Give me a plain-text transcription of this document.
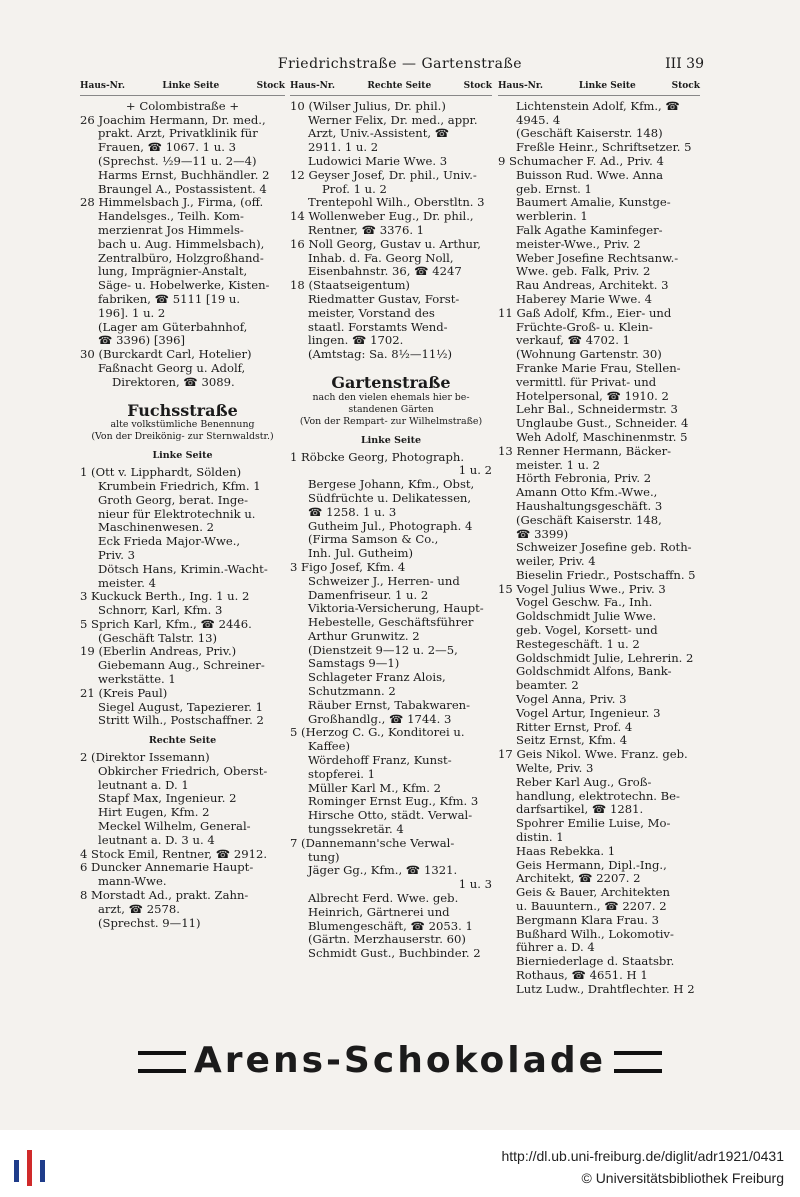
Friedrichstraße — Gartenstraße	III 39
Haus-Nr.	Linke Seite	Stock
+ Colombistraße +
26 Joachim Hermann, Dr. med.,
prakt. Arzt, Privatklinik für
Frauen, ☎ 1067. 1 u. 3
(Sprechst. ½9—11 u. 2—4)
Harms Ernst, Buchhändler. 2
Braungel A., Postassistent. 4
28 Himmelsbach J., Firma, (off.
Handelsges., Teilh. Kom-
merzienrat Jos Himmels-
bach u. Aug. Himmelsbach),
Zentralbüro, Holzgroßhand-
lung, Imprägnier-Anstalt,
Säge- u. Hobelwerke, Kisten-
fabriken, ☎ 5111 [19 u.
196]. 1 u. 2
(Lager am Güterbahnhof,
☎ 3396) [396]
30 (Burckardt Carl, Hotelier)
Faßnacht Georg u. Adolf,
Direktoren, ☎ 3089.
Fuchsstraße
alte volkstümliche Benennung
(Von der Dreikönig- zur Sternwaldstr.)
Linke Seite
1 (Ott v. Lipphardt, Sölden)
Krumbein Friedrich, Kfm. 1
Groth Georg, berat. Inge-
nieur für Elektrotechnik u.
Maschinenwesen. 2
Eck Frieda Major-Wwe.,
Priv. 3
Dötsch Hans, Krimin.-Wacht-
meister. 4
3 Kuckuck Berth., Ing. 1 u. 2
Schnorr, Karl, Kfm. 3
5 Sprich Karl, Kfm., ☎ 2446.
(Geschäft Talstr. 13)
19 (Eberlin Andreas, Priv.)
Giebemann Aug., Schreiner-
werkstätte. 1
21 (Kreis Paul)
Siegel August, Tapezierer. 1
Stritt Wilh., Postschaffner. 2
Rechte Seite
2 (Direktor Issemann)
Obkircher Friedrich, Oberst-
leutnant a. D. 1
Stapf Max, Ingenieur. 2
Hirt Eugen, Kfm. 2
Meckel Wilhelm, General-
leutnant a. D. 3 u. 4
4 Stock Emil, Rentner, ☎ 2912.
6 Duncker Annemarie Haupt-
mann-Wwe.
8 Morstadt Ad., prakt. Zahn-
arzt, ☎ 2578.
(Sprechst. 9—11)
Haus-Nr.	Rechte Seite	Stock
10 (Wilser Julius, Dr. phil.)
Werner Felix, Dr. med., appr.
Arzt, Univ.-Assistent, ☎
2911. 1 u. 2
Ludowici Marie Wwe. 3
12 Geyser Josef, Dr. phil., Univ.-
Prof. 1 u. 2
Trentepohl Wilh., Oberstltn. 3
14 Wollenweber Eug., Dr. phil.,
Rentner, ☎ 3376. 1
16 Noll Georg, Gustav u. Arthur,
Inhab. d. Fa. Georg Noll,
Eisenbahnstr. 36, ☎ 4247
18 (Staatseigentum)
Riedmatter Gustav, Forst-
meister, Vorstand des
staatl. Forstamts Wend-
lingen. ☎ 1702.
(Amtstag: Sa. 8½—11½)
Gartenstraße
nach den vielen ehemals hier be-
standenen Gärten
(Von der Rempart- zur Wilhelmstraße)
Linke Seite
1 Röbcke Georg, Photograph.
1 u. 2
Bergese Johann, Kfm., Obst,
Südfrüchte u. Delikatessen,
☎ 1258. 1 u. 3
Gutheim Jul., Photograph. 4
(Firma Samson & Co.,
Inh. Jul. Gutheim)
3 Figo Josef, Kfm. 4
Schweizer J., Herren- und
Damenfriseur. 1 u. 2
Viktoria-Versicherung, Haupt-
Hebestelle, Geschäftsführer
Arthur Grunwitz. 2
(Dienstzeit 9—12 u. 2—5,
Samstags 9—1)
Schlageter Franz Alois,
Schutzmann. 2
Räuber Ernst, Tabakwaren-
Großhandlg., ☎ 1744. 3
5 (Herzog C. G., Konditorei u.
Kaffee)
Wördehoff Franz, Kunst-
stopferei. 1
Müller Karl M., Kfm. 2
Rominger Ernst Eug., Kfm. 3
Hirsche Otto, städt. Verwal-
tungssekretär. 4
7 (Dannemann'sche Verwal-
tung)
Jäger Gg., Kfm., ☎ 1321.
1 u. 3
Albrecht Ferd. Wwe. geb.
Heinrich, Gärtnerei und
Blumengeschäft, ☎ 2053. 1
(Gärtn. Merzhauserstr. 60)
Schmidt Gust., Buchbinder. 2
Haus-Nr.	Linke Seite	Stock
Lichtenstein Adolf, Kfm., ☎
4945. 4
(Geschäft Kaiserstr. 148)
Freßle Heinr., Schriftsetzer. 5
9 Schumacher F. Ad., Priv. 4
Buisson Rud. Wwe. Anna
geb. Ernst. 1
Baumert Amalie, Kunstge-
werblerin. 1
Falk Agathe Kaminfeger-
meister-Wwe., Priv. 2
Weber Josefine Rechtsanw.-
Wwe. geb. Falk, Priv. 2
Rau Andreas, Architekt. 3
Haberey Marie Wwe. 4
11 Gaß Adolf, Kfm., Eier- und
Früchte-Groß- u. Klein-
verkauf, ☎ 4702. 1
(Wohnung Gartenstr. 30)
Franke Marie Frau, Stellen-
vermittl. für Privat- und
Hotelpersonal, ☎ 1910. 2
Lehr Bal., Schneidermstr. 3
Unglaube Gust., Schneider. 4
Weh Adolf, Maschinenmstr. 5
13 Renner Hermann, Bäcker-
meister. 1 u. 2
Hörth Febronia, Priv. 2
Amann Otto Kfm.-Wwe.,
Haushaltungsgeschäft. 3
(Geschäft Kaiserstr. 148,
☎ 3399)
Schweizer Josefine geb. Roth-
weiler, Priv. 4
Bieselin Friedr., Postschaffn. 5
15 Vogel Julius Wwe., Priv. 3
Vogel Geschw. Fa., Inh.
Goldschmidt Julie Wwe.
geb. Vogel, Korsett- und
Restegeschäft. 1 u. 2
Goldschmidt Julie, Lehrerin. 2
Goldschmidt Alfons, Bank-
beamter. 2
Vogel Anna, Priv. 3
Vogel Artur, Ingenieur. 3
Ritter Ernst, Prof. 4
Seitz Ernst, Kfm. 4
17 Geis Nikol. Wwe. Franz. geb.
Welte, Priv. 3
Reber Karl Aug., Groß-
handlung, elektrotechn. Be-
darfsartikel, ☎ 1281.
Spohrer Emilie Luise, Mo-
distin. 1
Haas Rebekka. 1
Geis Hermann, Dipl.-Ing.,
Architekt, ☎ 2207. 2
Geis & Bauer, Architekten
u. Bauuntern., ☎ 2207. 2
Bergmann Klara Frau. 3
Bußhard Wilh., Lokomotiv-
führer a. D. 4
Bierniederlage d. Staatsbr.
Rothaus, ☎ 4651. H 1
Lutz Ludw., Drahtflechter. H 2
Arens-Schokolade
http://dl.ub.uni-freiburg.de/diglit/adr1921/0431
© Universitätsbibliothek Freiburg
